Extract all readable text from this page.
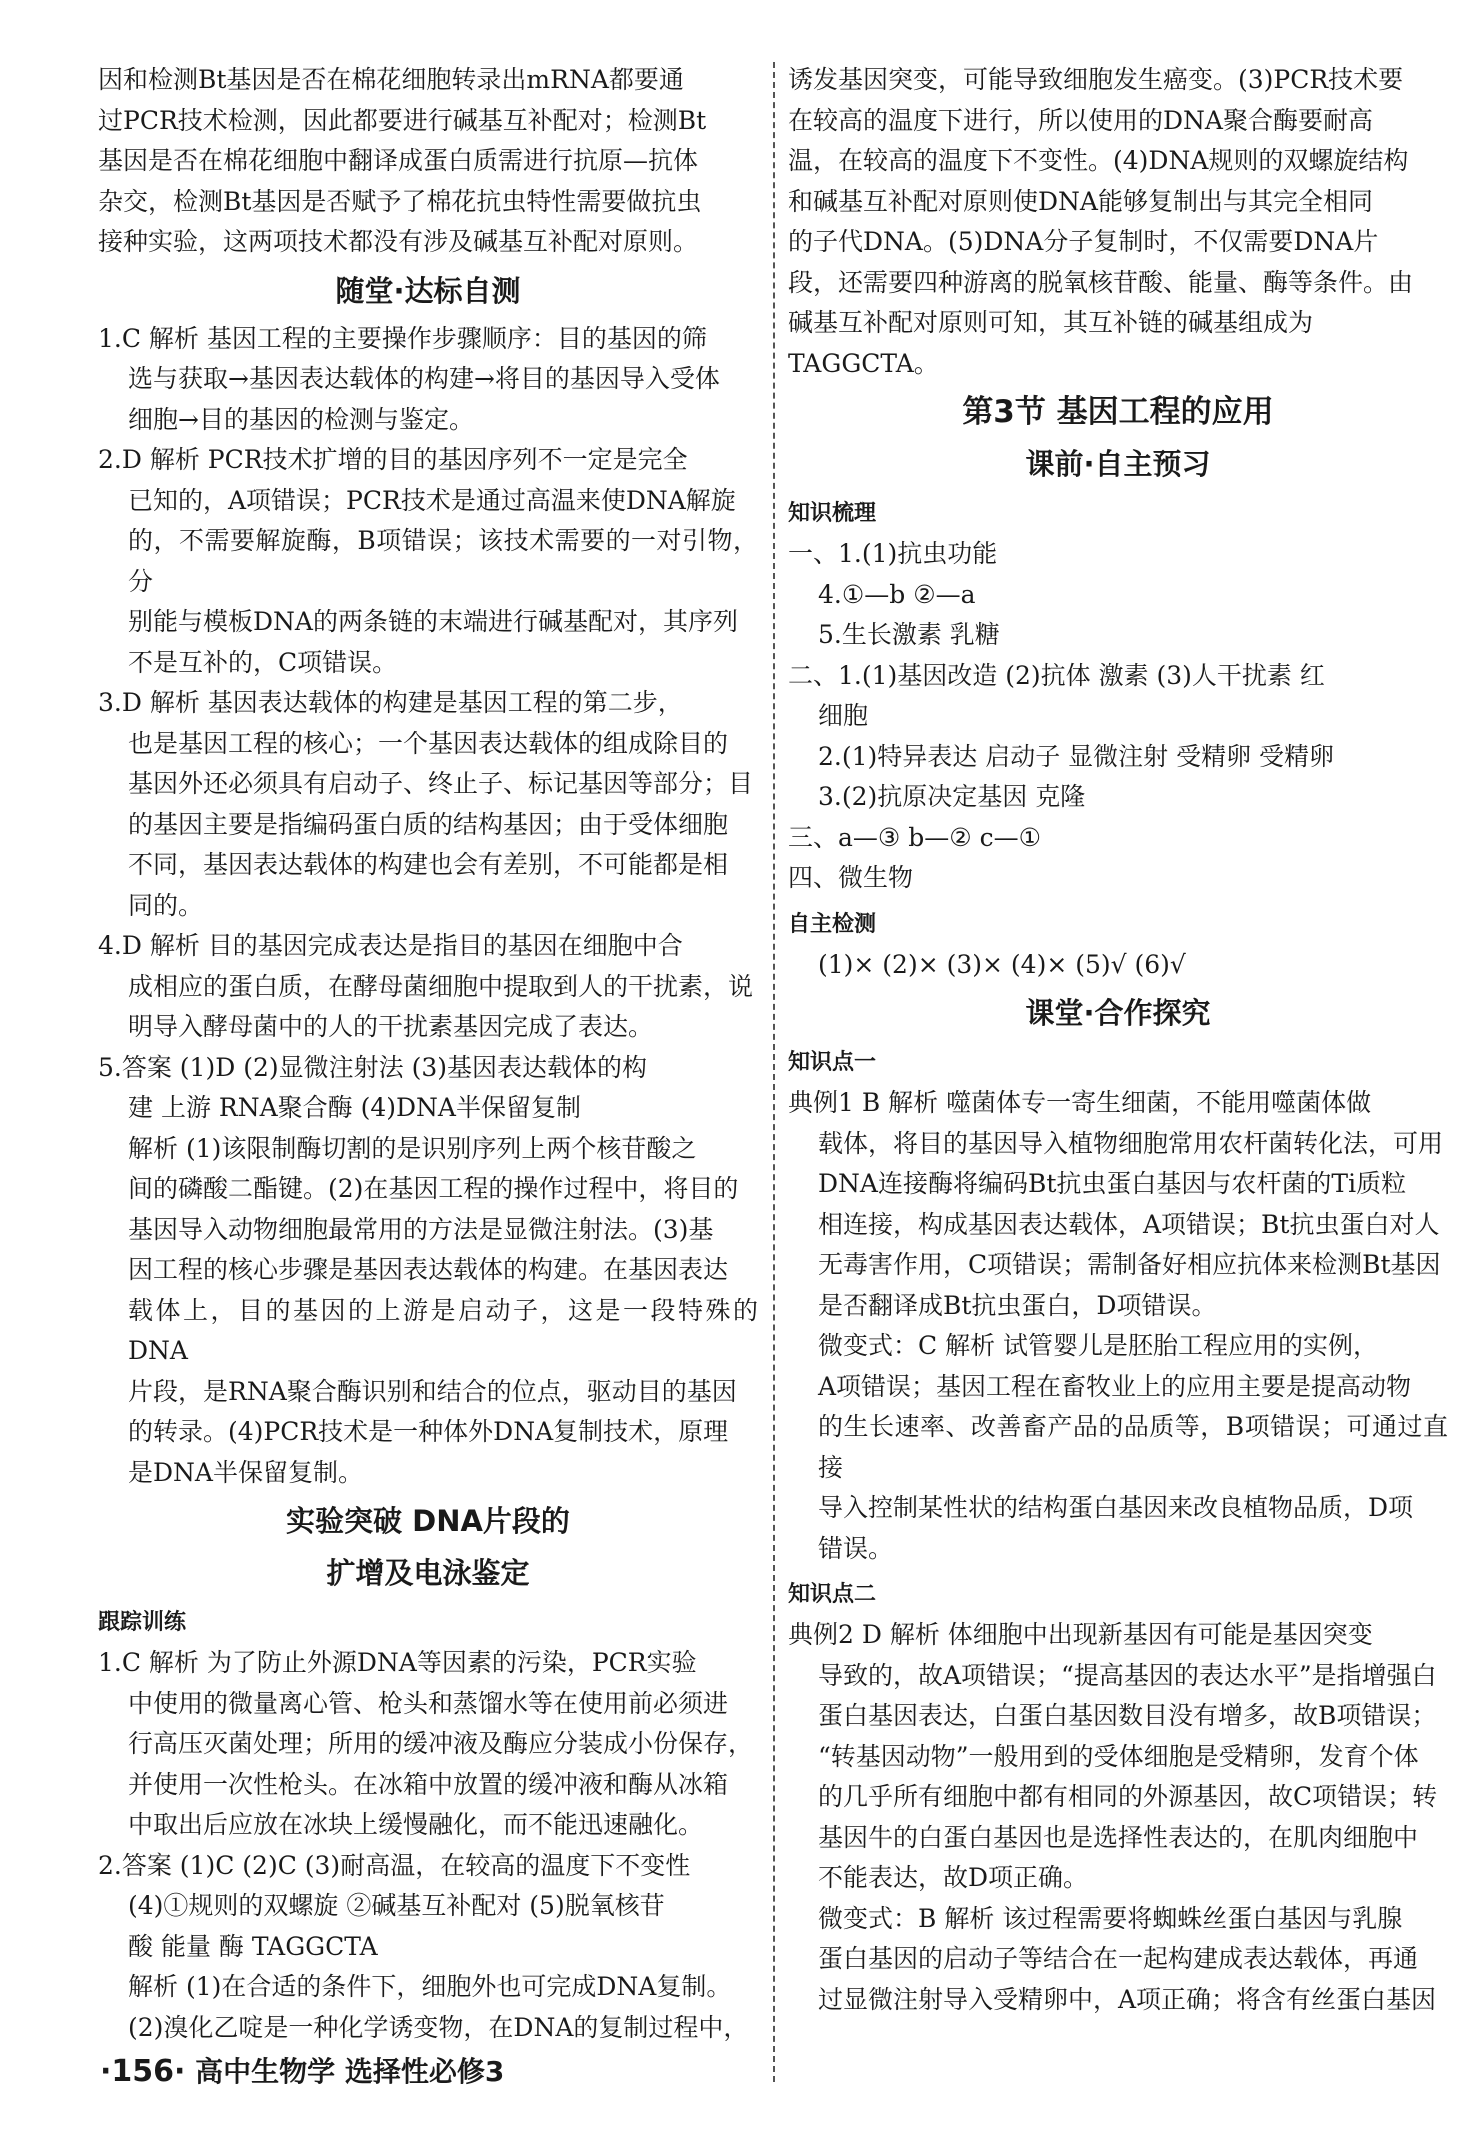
因和检测Bt基因是否在棉花细胞转录出mRNA都要通

过PCR技术检测，因此都要进行碱基互补配对；检测Bt

基因是否在棉花细胞中翻译成蛋白质需进行抗原—抗体

杂交，检测Bt基因是否赋予了棉花抗虫特性需要做抗虫

接种实验，这两项技术都没有涉及碱基互补配对原则。

随堂·达标自测

1.C 解析 基因工程的主要操作步骤顺序：目的基因的筛

选与获取→基因表达载体的构建→将目的基因导入受体

细胞→目的基因的检测与鉴定。

2.D 解析 PCR技术扩增的目的基因序列不一定是完全

已知的，A项错误；PCR技术是通过高温来使DNA解旋

的，不需要解旋酶，B项错误；该技术需要的一对引物，分

别能与模板DNA的两条链的末端进行碱基配对，其序列

不是互补的，C项错误。

3.D 解析 基因表达载体的构建是基因工程的第二步，

也是基因工程的核心；一个基因表达载体的组成除目的

基因外还必须具有启动子、终止子、标记基因等部分；目

的基因主要是指编码蛋白质的结构基因；由于受体细胞

不同，基因表达载体的构建也会有差别，不可能都是相

同的。

4.D 解析 目的基因完成表达是指目的基因在细胞中合

成相应的蛋白质，在酵母菌细胞中提取到人的干扰素，说

明导入酵母菌中的人的干扰素基因完成了表达。

5.答案 (1)D (2)显微注射法 (3)基因表达载体的构

建 上游 RNA聚合酶 (4)DNA半保留复制

解析 (1)该限制酶切割的是识别序列上两个核苷酸之

间的磷酸二酯键。(2)在基因工程的操作过程中，将目的

基因导入动物细胞最常用的方法是显微注射法。(3)基

因工程的核心步骤是基因表达载体的构建。在基因表达

载体上，目的基因的上游是启动子，这是一段特殊的DNA

片段，是RNA聚合酶识别和结合的位点，驱动目的基因

的转录。(4)PCR技术是一种体外DNA复制技术，原理

是DNA半保留复制。

实验突破 DNA片段的
扩增及电泳鉴定
跟踪训练

1.C 解析 为了防止外源DNA等因素的污染，PCR实验

中使用的微量离心管、枪头和蒸馏水等在使用前必须进

行高压灭菌处理；所用的缓冲液及酶应分装成小份保存，

并使用一次性枪头。在冰箱中放置的缓冲液和酶从冰箱

中取出后应放在冰块上缓慢融化，而不能迅速融化。

2.答案 (1)C (2)C (3)耐高温，在较高的温度下不变性

(4)①规则的双螺旋 ②碱基互补配对 (5)脱氧核苷

酸 能量 酶 TAGGCTA

解析 (1)在合适的条件下，细胞外也可完成DNA复制。

(2)溴化乙啶是一种化学诱变物，在DNA的复制过程中，

诱发基因突变，可能导致细胞发生癌变。(3)PCR技术要

在较高的温度下进行，所以使用的DNA聚合酶要耐高

温，在较高的温度下不变性。(4)DNA规则的双螺旋结构

和碱基互补配对原则使DNA能够复制出与其完全相同

的子代DNA。(5)DNA分子复制时，不仅需要DNA片

段，还需要四种游离的脱氧核苷酸、能量、酶等条件。由

碱基互补配对原则可知，其互补链的碱基组成为

TAGGCTA。

第3节 基因工程的应用
课前·自主预习
知识梳理

一、1.(1)抗虫功能

4.①—b ②—a

5.生长激素 乳糖

二、1.(1)基因改造 (2)抗体 激素 (3)人干扰素 红

细胞

2.(1)特异表达 启动子 显微注射 受精卵 受精卵

3.(2)抗原决定基因 克隆

三、a—③ b—② c—①

四、微生物

自主检测

(1)× (2)× (3)× (4)× (5)√ (6)√

课堂·合作探究
知识点一

典例1 B 解析 噬菌体专一寄生细菌，不能用噬菌体做

载体，将目的基因导入植物细胞常用农杆菌转化法，可用

DNA连接酶将编码Bt抗虫蛋白基因与农杆菌的Ti质粒

相连接，构成基因表达载体，A项错误；Bt抗虫蛋白对人

无毒害作用，C项错误；需制备好相应抗体来检测Bt基因

是否翻译成Bt抗虫蛋白，D项错误。

微变式：C 解析 试管婴儿是胚胎工程应用的实例，

A项错误；基因工程在畜牧业上的应用主要是提高动物

的生长速率、改善畜产品的品质等，B项错误；可通过直接

导入控制某性状的结构蛋白基因来改良植物品质，D项

错误。

知识点二

典例2 D 解析 体细胞中出现新基因有可能是基因突变

导致的，故A项错误；“提高基因的表达水平”是指增强白

蛋白基因表达，白蛋白基因数目没有增多，故B项错误；

“转基因动物”一般用到的受体细胞是受精卵，发育个体

的几乎所有细胞中都有相同的外源基因，故C项错误；转

基因牛的白蛋白基因也是选择性表达的，在肌肉细胞中

不能表达，故D项正确。

微变式：B 解析 该过程需要将蜘蛛丝蛋白基因与乳腺

蛋白基因的启动子等结合在一起构建成表达载体，再通

过显微注射导入受精卵中，A项正确；将含有丝蛋白基因

·156· 高中生物学 选择性必修3
